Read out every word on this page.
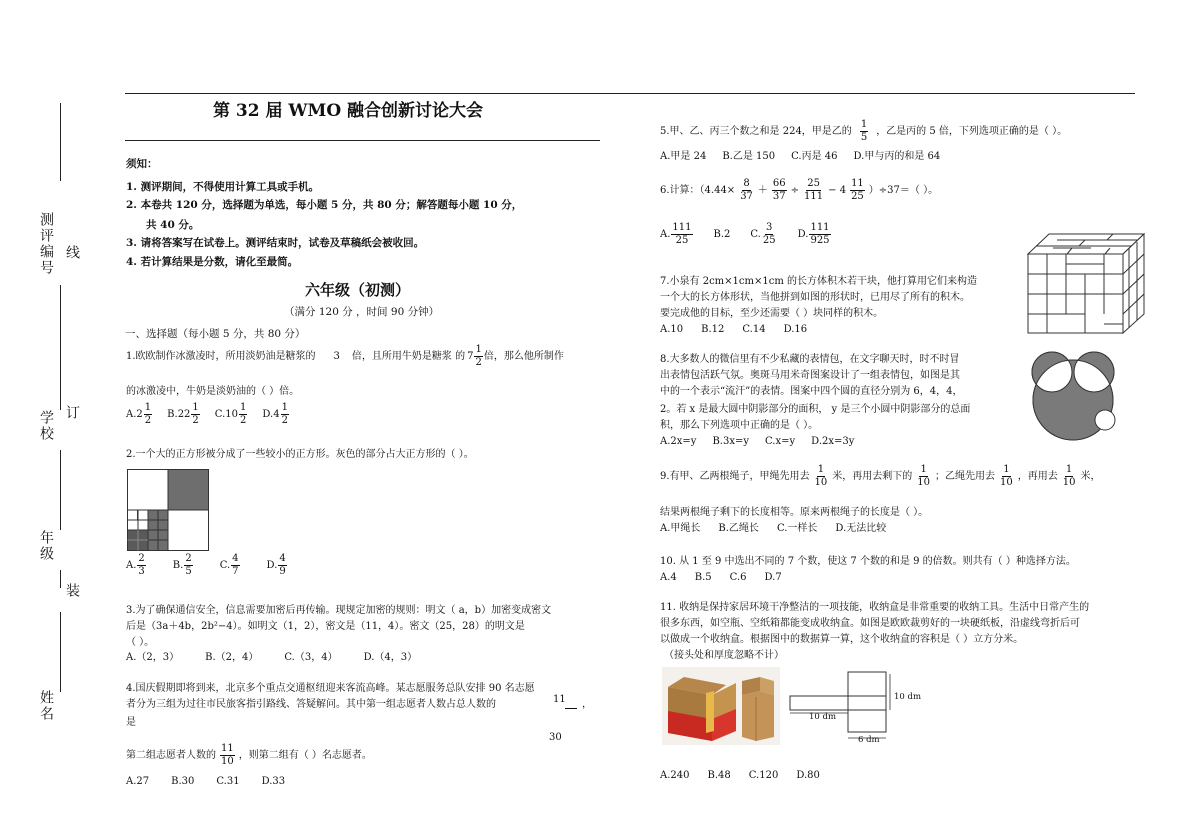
测评编号 线
学校 订
年级
装
姓名
第 32 届 WMO 融合创新讨论大会
须知：
1. 测评期间，不得使用计算工具或手机。
2. 本卷共 120 分，选择题为单选，每小题 5 分，共 80 分；解答题每小题 10 分，
共 40 分。
3. 请将答案写在试卷上。测评结束时，试卷及草稿纸会被收回。
4. 若计算结果是分数，请化至最简。
六年级（初测）
（满分 120 分 ，时间 90 分钟）
一、选择题（每小题 5 分，共 80 分）
1.欧欧制作冰激凌时，所用淡奶油是糖浆的 3 倍，且所用牛奶是糖浆 的 $7 \frac{1}{2}$ 倍，那么他所制作
的冰激凌中，牛奶是淡奶油的（ ）倍。
A. $2 \frac{1}{2} B$. $22 \frac{1}{2} C$. $10 \frac{1}{2} D$. $4 \frac{1}{2}$
2.一个大的正方形被分成了一些较小的正方形。灰色的部分占大正方形的（ ）。
A. $\frac{2}{3}$	B. $\frac{2}{5}$	C. $\frac{4}{7}$	D. $\frac{4}{9}$
3.为了确保通信安全，信息需要加密后再传输。现规定加密的规则：明文（ a，b）加密变成密文
后是（3a＋4b，2b²−4）。如明文（1，2），密文是（11，4）。密文（25，28）的明文是
（ ）。
A.（2，3）	B.（2，4）	C.（3，4）	D.（4，3）
4.国庆假期即将到来，北京多个重点交通枢纽迎来客流高峰。某志愿服务总队安排 90 名志愿
者分为三组为过往市民旅客指引路线、答疑解问。其中第一组志愿者人数占总人数的	11 ，
是
30
第二组志愿者人数的 $\frac{11}{10}$ ，则第二组有（ ）名志愿者。
A.27 B.30 C.31 D.33
5.甲、乙、丙三个数之和是 224，甲是乙的 $\frac{1}{5}$ ，乙是丙的 5 倍，下列选项正确的是（ ）。
A.甲是 24 B.乙是 150 C.丙是 46 D.甲与丙的和是 64
6.计算：$(4.44\times \frac{8}{37} + \frac{66}{37} \div \frac{25}{111} - 4 \frac{11}{25} )\div 37=$（ ）。
A. $\frac{111}{25} B.2$ C. $\frac{3}{25} D$. $\frac{111}{925}$
7.小泉有 2cm×1cm×1cm 的长方体积木若干块，他打算用它们来构造
一个大的长方体形状，当他拼到如图的形状时，已用尽了所有的积木。
要完成他的目标，至少还需要（ ）块同样的积木。
A.10 B.12 C.14 D.16
8.大多数人的微信里有不少私藏的表情包，在文字聊天时，时不时冒
出表情包活跃气氛。奥斑马用米奇图案设计了一组表情包，如图是其
中的一个表示“流汗”的表情。图案中四个圆的直径分别为 6，4，4，
2。若 x 是最大圆中阴影部分的面积， y 是三个小圆中阴影部分的总面
积，那么下列选项中正确的是（ ）。
A.2x=y B.3x=y C.x=y D.2x=3y
9.有甲、乙两根绳子，甲绳先用去 $\frac{1}{10}$ 米，再用去剩下的 $\frac{1}{10}$ ；乙绳先用去 $\frac{1}{10}$ ，再用去 $\frac{1}{10}$ 米，
结果两根绳子剩下的长度相等。原来两根绳子的长度是（ ）。
A.甲绳长 B.乙绳长 C.一样长 D.无法比较
10. 从 1 至 9 中选出不同的 7 个数，使这 7 个数的和是 9 的倍数。则共有（ ）种选择方法。
A.4 B.5 C.6 D.7
11. 收纳是保持家居环境干净整洁的一项技能，收纳盒是非常重要的收纳工具。生活中日常产生的
很多东西，如空瓶、空纸箱都能变成收纳盒。如图是欧欧裁剪好的一块硬纸板，沿虚线弯折后可
以做成一个收纳盒。根据图中的数据算一算，这个收纳盒的容积是（ ）立方分米。
（接头处和厚度忽略不计）
10 dm
10 dm
6 dm
A.240 B.48 C.120 D.80
